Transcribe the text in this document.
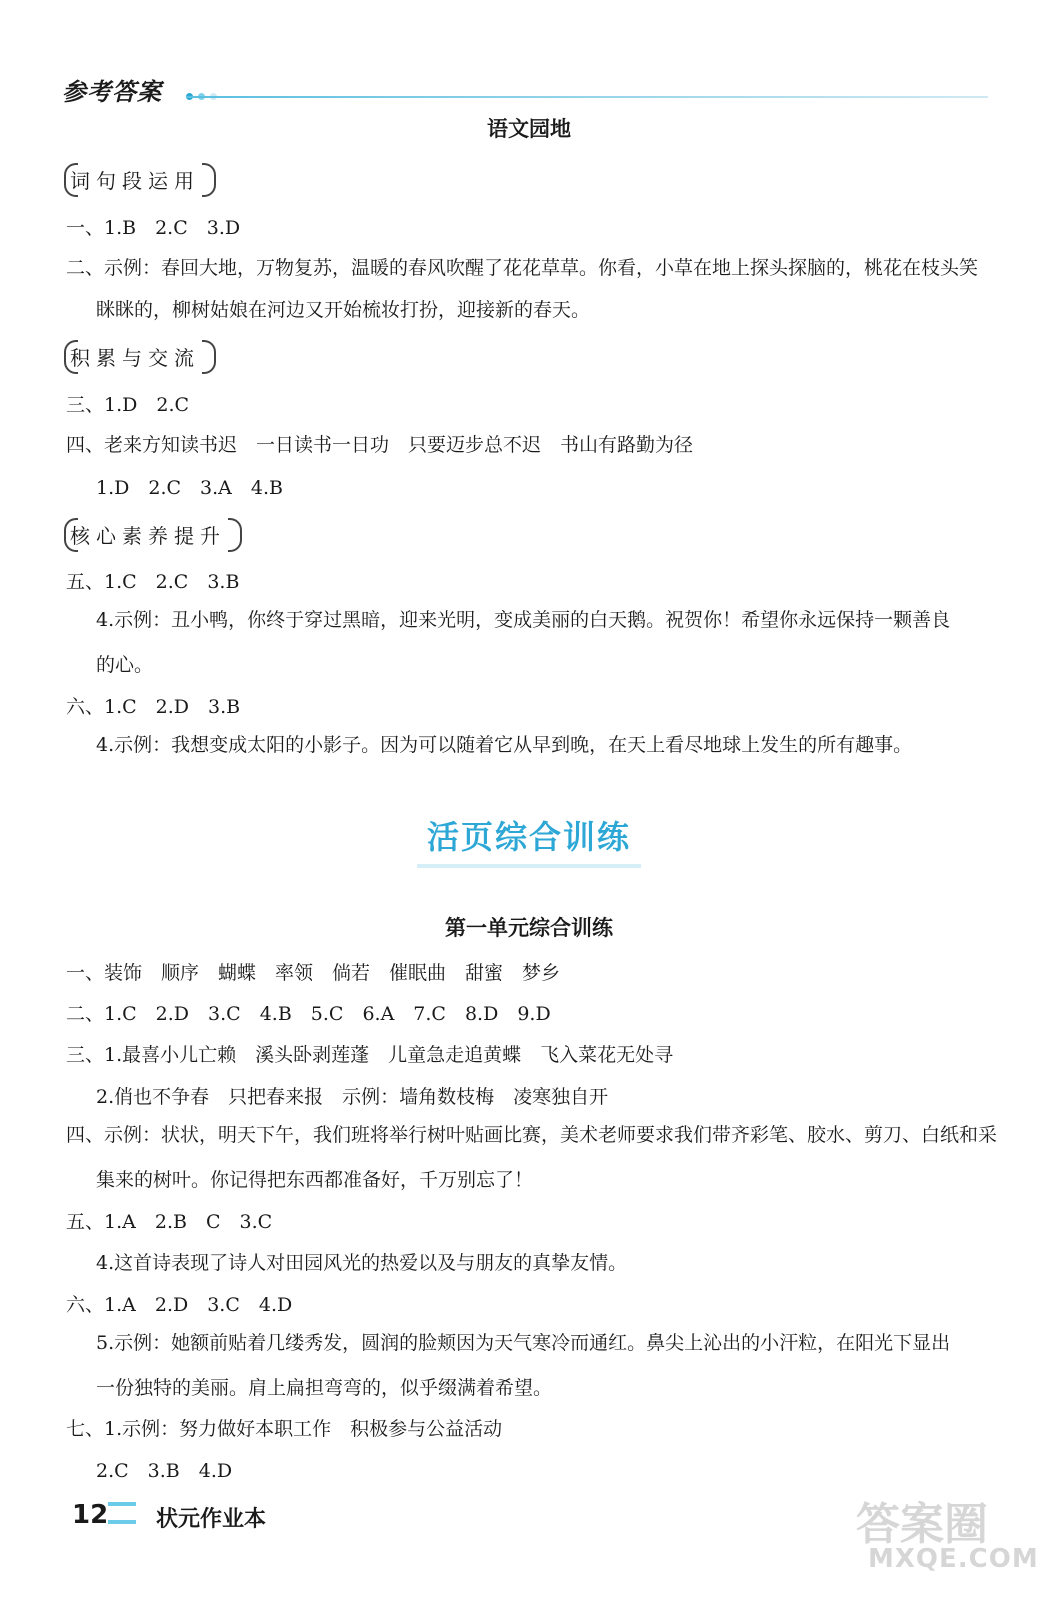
参考答案
语文园地
词句段运用
一、1.B　2.C　3.D
二、示例：春回大地，万物复苏，温暖的春风吹醒了花花草草。你看，小草在地上探头探脑的，桃花在枝头笑
眯眯的，柳树姑娘在河边又开始梳妆打扮，迎接新的春天。
积累与交流
三、1.D　2.C
四、老来方知读书迟　一日读书一日功　只要迈步总不迟　书山有路勤为径
1.D　2.C　3.A　4.B
核心素养提升
五、1.C　2.C　3.B
4.示例：丑小鸭，你终于穿过黑暗，迎来光明，变成美丽的白天鹅。祝贺你！希望你永远保持一颗善良
的心。
六、1.C　2.D　3.B
4.示例：我想变成太阳的小影子。因为可以随着它从早到晚，在天上看尽地球上发生的所有趣事。
活页综合训练
第一单元综合训练
一、装饰　顺序　蝴蝶　率领　倘若　催眠曲　甜蜜　梦乡
二、1.C　2.D　3.C　4.B　5.C　6.A　7.C　8.D　9.D
三、1.最喜小儿亡赖　溪头卧剥莲蓬　儿童急走追黄蝶　飞入菜花无处寻
2.俏也不争春　只把春来报　示例：墙角数枝梅　凌寒独自开
四、示例：状状，明天下午，我们班将举行树叶贴画比赛，美术老师要求我们带齐彩笔、胶水、剪刀、白纸和采
集来的树叶。你记得把东西都准备好，千万别忘了！
五、1.A　2.B　C　3.C
4.这首诗表现了诗人对田园风光的热爱以及与朋友的真挚友情。
六、1.A　2.D　3.C　4.D
5.示例：她额前贴着几缕秀发，圆润的脸颊因为天气寒冷而通红。鼻尖上沁出的小汗粒，在阳光下显出
一份独特的美丽。肩上扁担弯弯的，似乎缀满着希望。
七、1.示例：努力做好本职工作　积极参与公益活动
2.C　3.B　4.D
12 状元作业本	答案圈
MXQE.COM
